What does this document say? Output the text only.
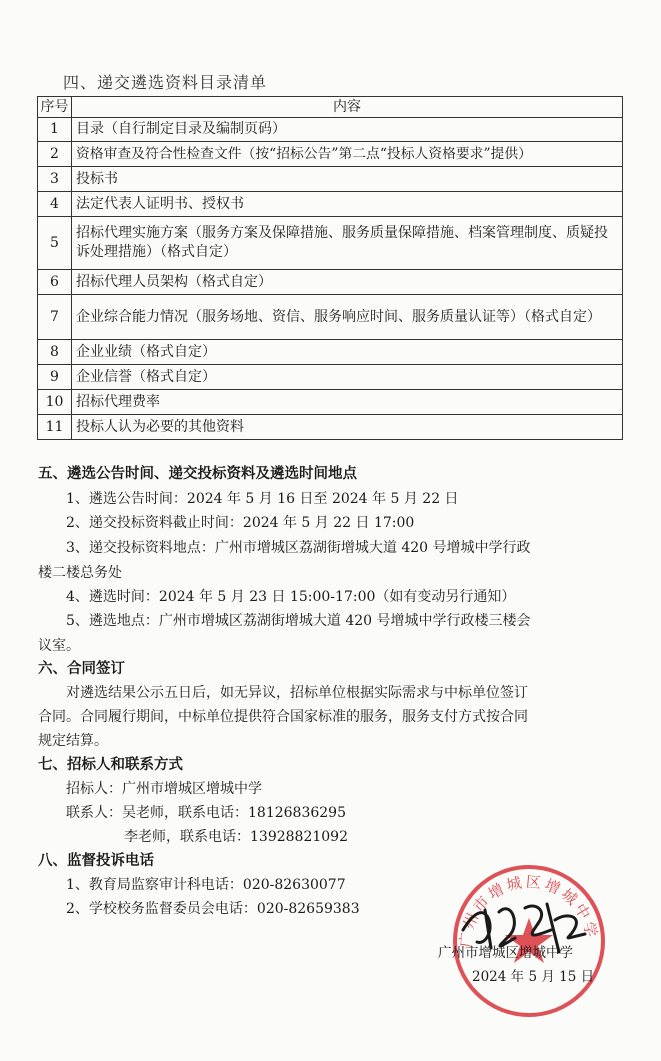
四、递交遴选资料目录清单
序号	内容
1	目录（自行制定目录及编制页码）
2	资格审查及符合性检查文件（按“招标公告”第二点“投标人资格要求”提供）
3	投标书
4	法定代表人证明书、授权书
5	招标代理实施方案（服务方案及保障措施、服务质量保障措施、档案管理制度、质疑投诉处理措施）（格式自定）
6	招标代理人员架构（格式自定）
7	企业综合能力情况（服务场地、资信、服务响应时间、服务质量认证等）（格式自定）
8	企业业绩（格式自定）
9	企业信誉（格式自定）
10	招标代理费率
11	投标人认为必要的其他资料
五、遴选公告时间、递交投标资料及遴选时间地点
1、遴选公告时间：2024 年 5 月 16 日至 2024 年 5 月 22 日
2、递交投标资料截止时间：2024 年 5 月 22 日 17:00
3、递交投标资料地点：广州市增城区荔湖街增城大道 420 号增城中学行政
楼二楼总务处
4、遴选时间：2024 年 5 月 23 日 15:00-17:00（如有变动另行通知）
5、遴选地点：广州市增城区荔湖街增城大道 420 号增城中学行政楼三楼会
议室。
六、合同签订
对遴选结果公示五日后，如无异议，招标单位根据实际需求与中标单位签订
合同。合同履行期间，中标单位提供符合国家标准的服务，服务支付方式按合同
规定结算。
七、招标人和联系方式
招标人：广州市增城区增城中学
联系人：吴老师，联系电话：18126836295
李老师，联系电话：13928821092
八、监督投诉电话
1、教育局监察审计科电话：020-82630077
2、学校校务监督委员会电话：020-82659383
广州市增城区增城中学
广州市增城区增城中学
2024 年 5 月 15 日
